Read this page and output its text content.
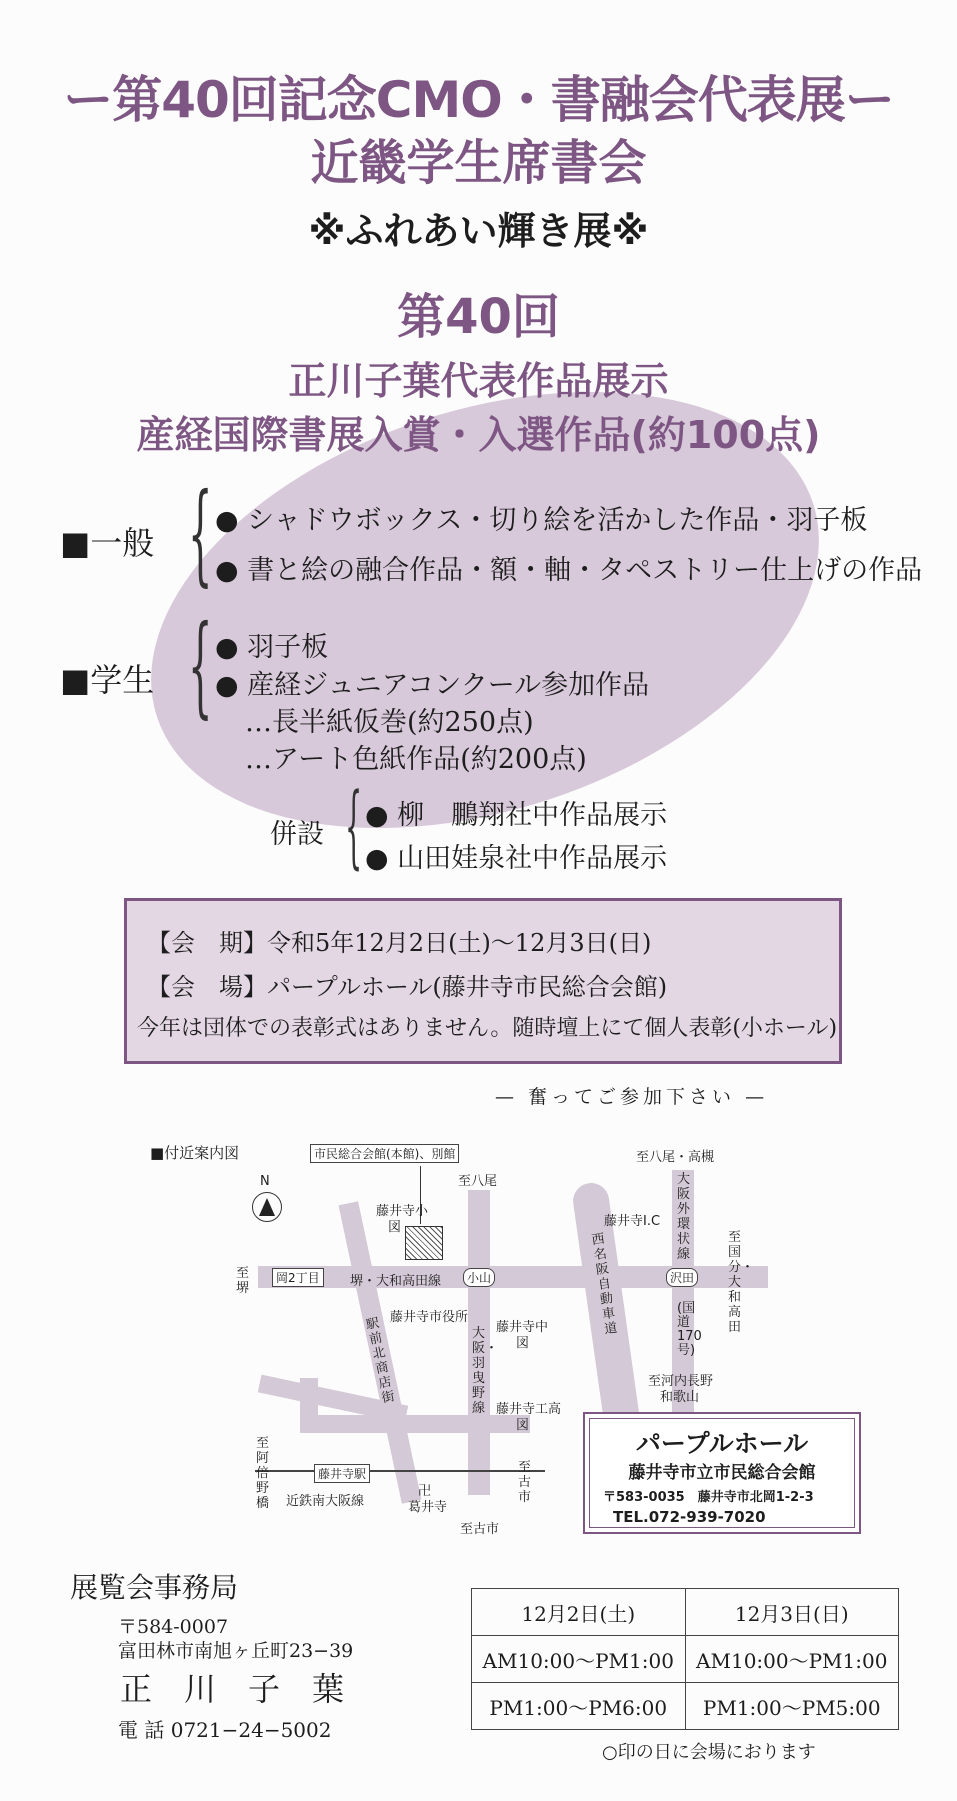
ー第40回記念CMO・書融会代表展ー
近畿学生席書会
※ふれあい輝き展※
第40回
正川子葉代表作品展示
産経国際書展入賞・入選作品(約100点)
■一般 { ● シャドウボックス・切り絵を活かした作品・羽子板
● 書と絵の融合作品・額・軸・タペストリー仕上げの作品
■学生 { ● 羽子板
● 産経ジュニアコンクール参加作品
…長半紙仮巻(約250点)
…アート色紙作品(約200点)
併設 { ● 柳　鵬翔社中作品展示
● 山田娃泉社中作品展示
【会　期】令和5年12月2日(土)〜12月3日(日)
【会　場】パープルホール(藤井寺市民総合会館)
今年は団体での表彰式はありません。随時壇上にて個人表彰(小ホール)
— 奮ってご参加下さい —
■付近案内図
N
市民総合会館(本館)、別館
至八尾
至八尾・高槻
藤井寺小
図	藤井寺I.C
大阪外環状線
西名阪自動車道
至国分・大和高田
至堺
岡2丁目	堺・大和高田線	小山	沢田
(国道170号)
藤井寺市役所
藤井寺中
図
駅前北商店街
大阪・羽曳野線
至河内長野
和歌山
藤井寺工高
図
至阿倍野橋
藤井寺駅
近鉄南大阪線
卍
葛井寺
至古市
至古市
パープルホール
藤井寺市立市民総合会館
〒583-0035　藤井寺市北岡1-2-3
TEL.072-939-7020
展覧会事務局
〒584-0007
富田林市南旭ヶ丘町23−39
正　川　子　葉
電 話 0721−24−5002
12月2日(土)	12月3日(日)
AM10:00〜PM1:00	AM10:00〜PM1:00
PM1:00〜PM6:00	PM1:00〜PM5:00
○印の日に会場におります
